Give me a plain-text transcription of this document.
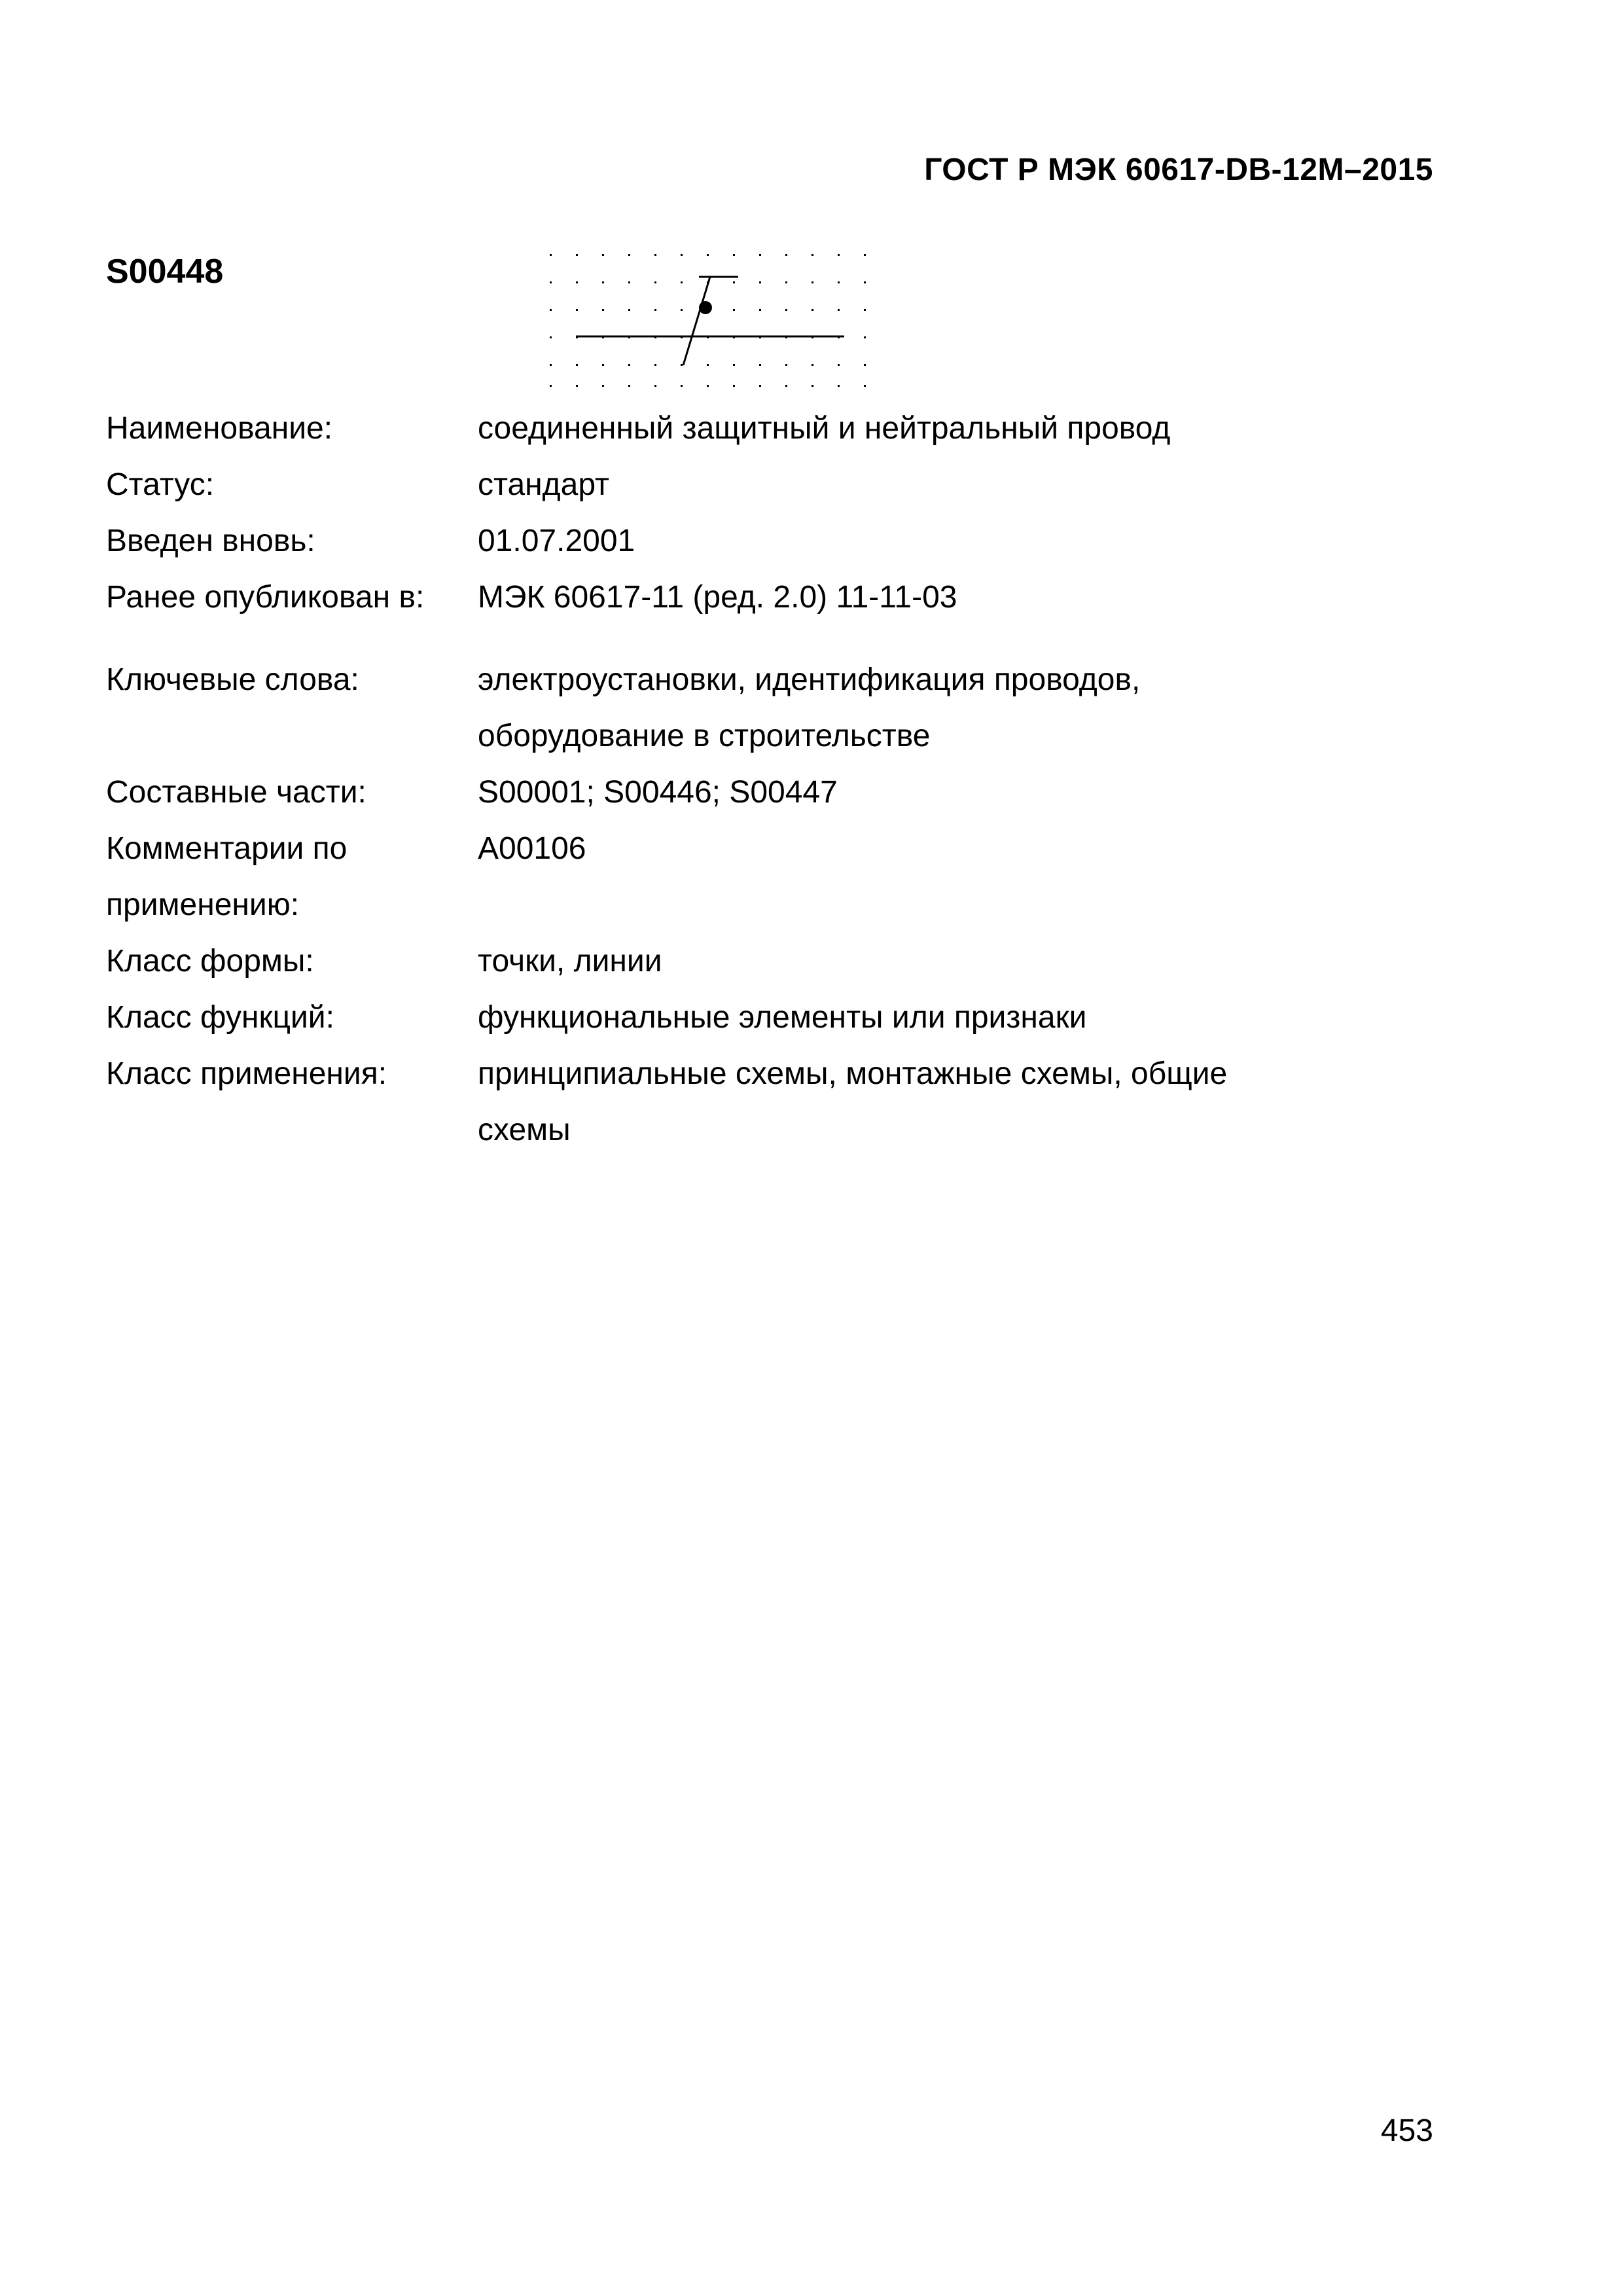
ГОСТ Р МЭК 60617-DB-12М–2015
S00448
Наименование:	соединенный защитный и нейтральный провод
Статус:	стандарт
Введен вновь:	01.07.2001
Ранее опубликован в:	МЭК 60617-11 (ред. 2.0) 11-11-03
Ключевые слова:	электроустановки, идентификация проводов,
оборудование в строительстве
Составные части:	S00001; S00446; S00447
Комментарии по
применению:
A00106
Класс формы:	точки, линии
Класс функций:	функциональные элементы или признаки
Класс применения:	принципиальные схемы, монтажные схемы, общие
схемы
453
